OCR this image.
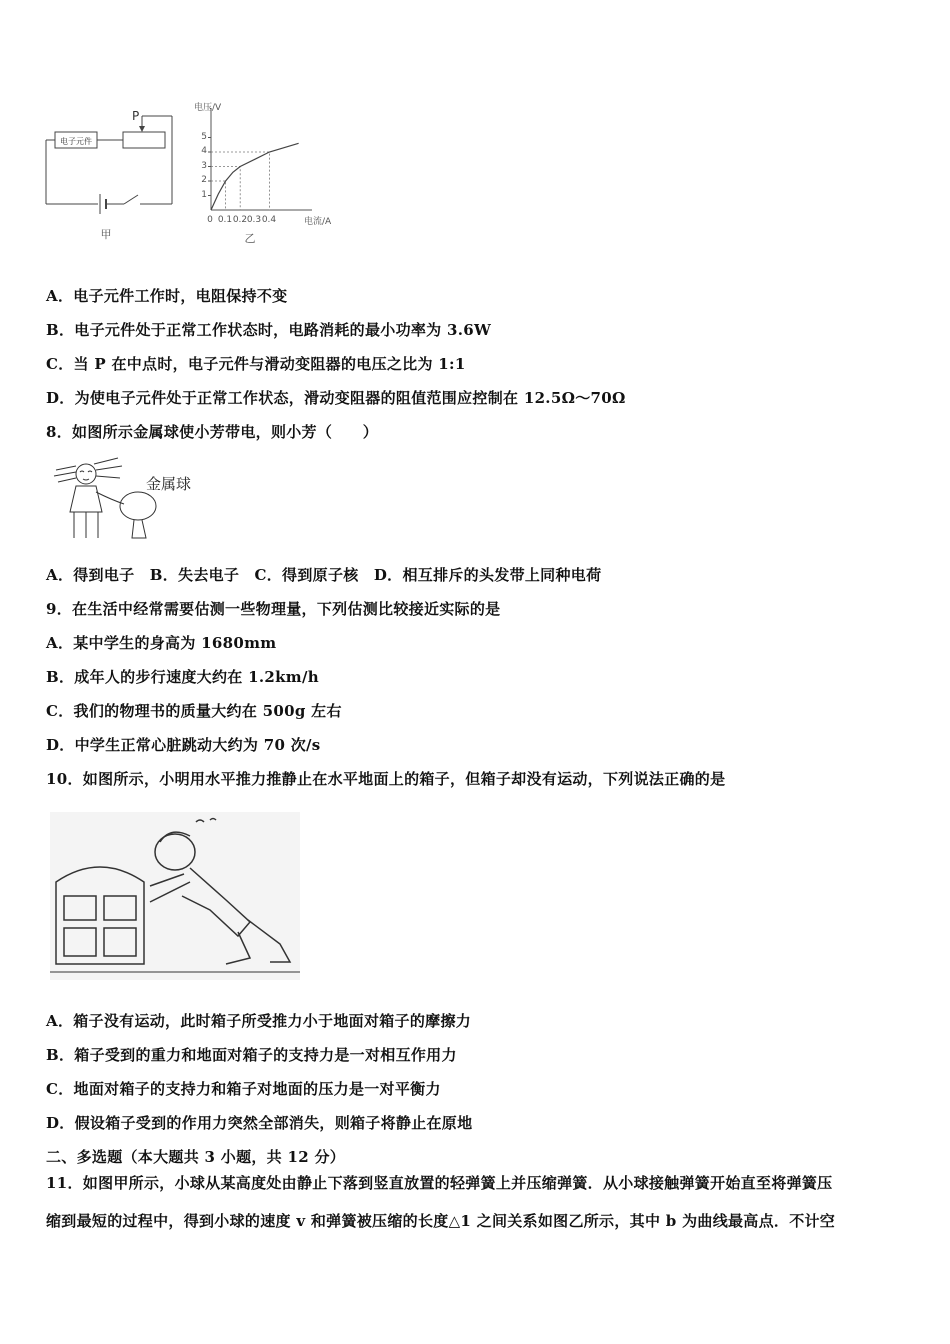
电子元件
P
甲
电压/V
电流/A
0
1
2
3
4
5
0.1 0.2 0.3 0.4
乙
A．电子元件工作时，电阻保持不变
B．电子元件处于正常工作状态时，电路消耗的最小功率为 3.6W
C．当 P 在中点时，电子元件与滑动变阻器的电压之比为 1:1
D．为使电子元件处于正常工作状态，滑动变阻器的阻值范围应控制在 12.5Ω～70Ω
8．如图所示金属球使小芳带电，则小芳（　　）
金属球
A．得到电子　B．失去电子　C．得到原子核　D．相互排斥的头发带上同种电荷
9．在生活中经常需要估测一些物理量，下列估测比较接近实际的是
A．某中学生的身高为 1680mm
B．成年人的步行速度大约在 1.2km/h
C．我们的物理书的质量大约在 500g 左右
D．中学生正常心脏跳动大约为 70 次/s
10．如图所示，小明用水平推力推静止在水平地面上的箱子，但箱子却没有运动，下列说法正确的是
A．箱子没有运动，此时箱子所受推力小于地面对箱子的摩擦力
B．箱子受到的重力和地面对箱子的支持力是一对相互作用力
C．地面对箱子的支持力和箱子对地面的压力是一对平衡力
D．假设箱子受到的作用力突然全部消失，则箱子将静止在原地
二、多选题（本大题共 3 小题，共 12 分）
11．如图甲所示，小球从某高度处由静止下落到竖直放置的轻弹簧上并压缩弹簧．从小球接触弹簧开始直至将弹簧压
缩到最短的过程中，得到小球的速度 v 和弹簧被压缩的长度△1 之间关系如图乙所示，其中 b 为曲线最高点．不计空
